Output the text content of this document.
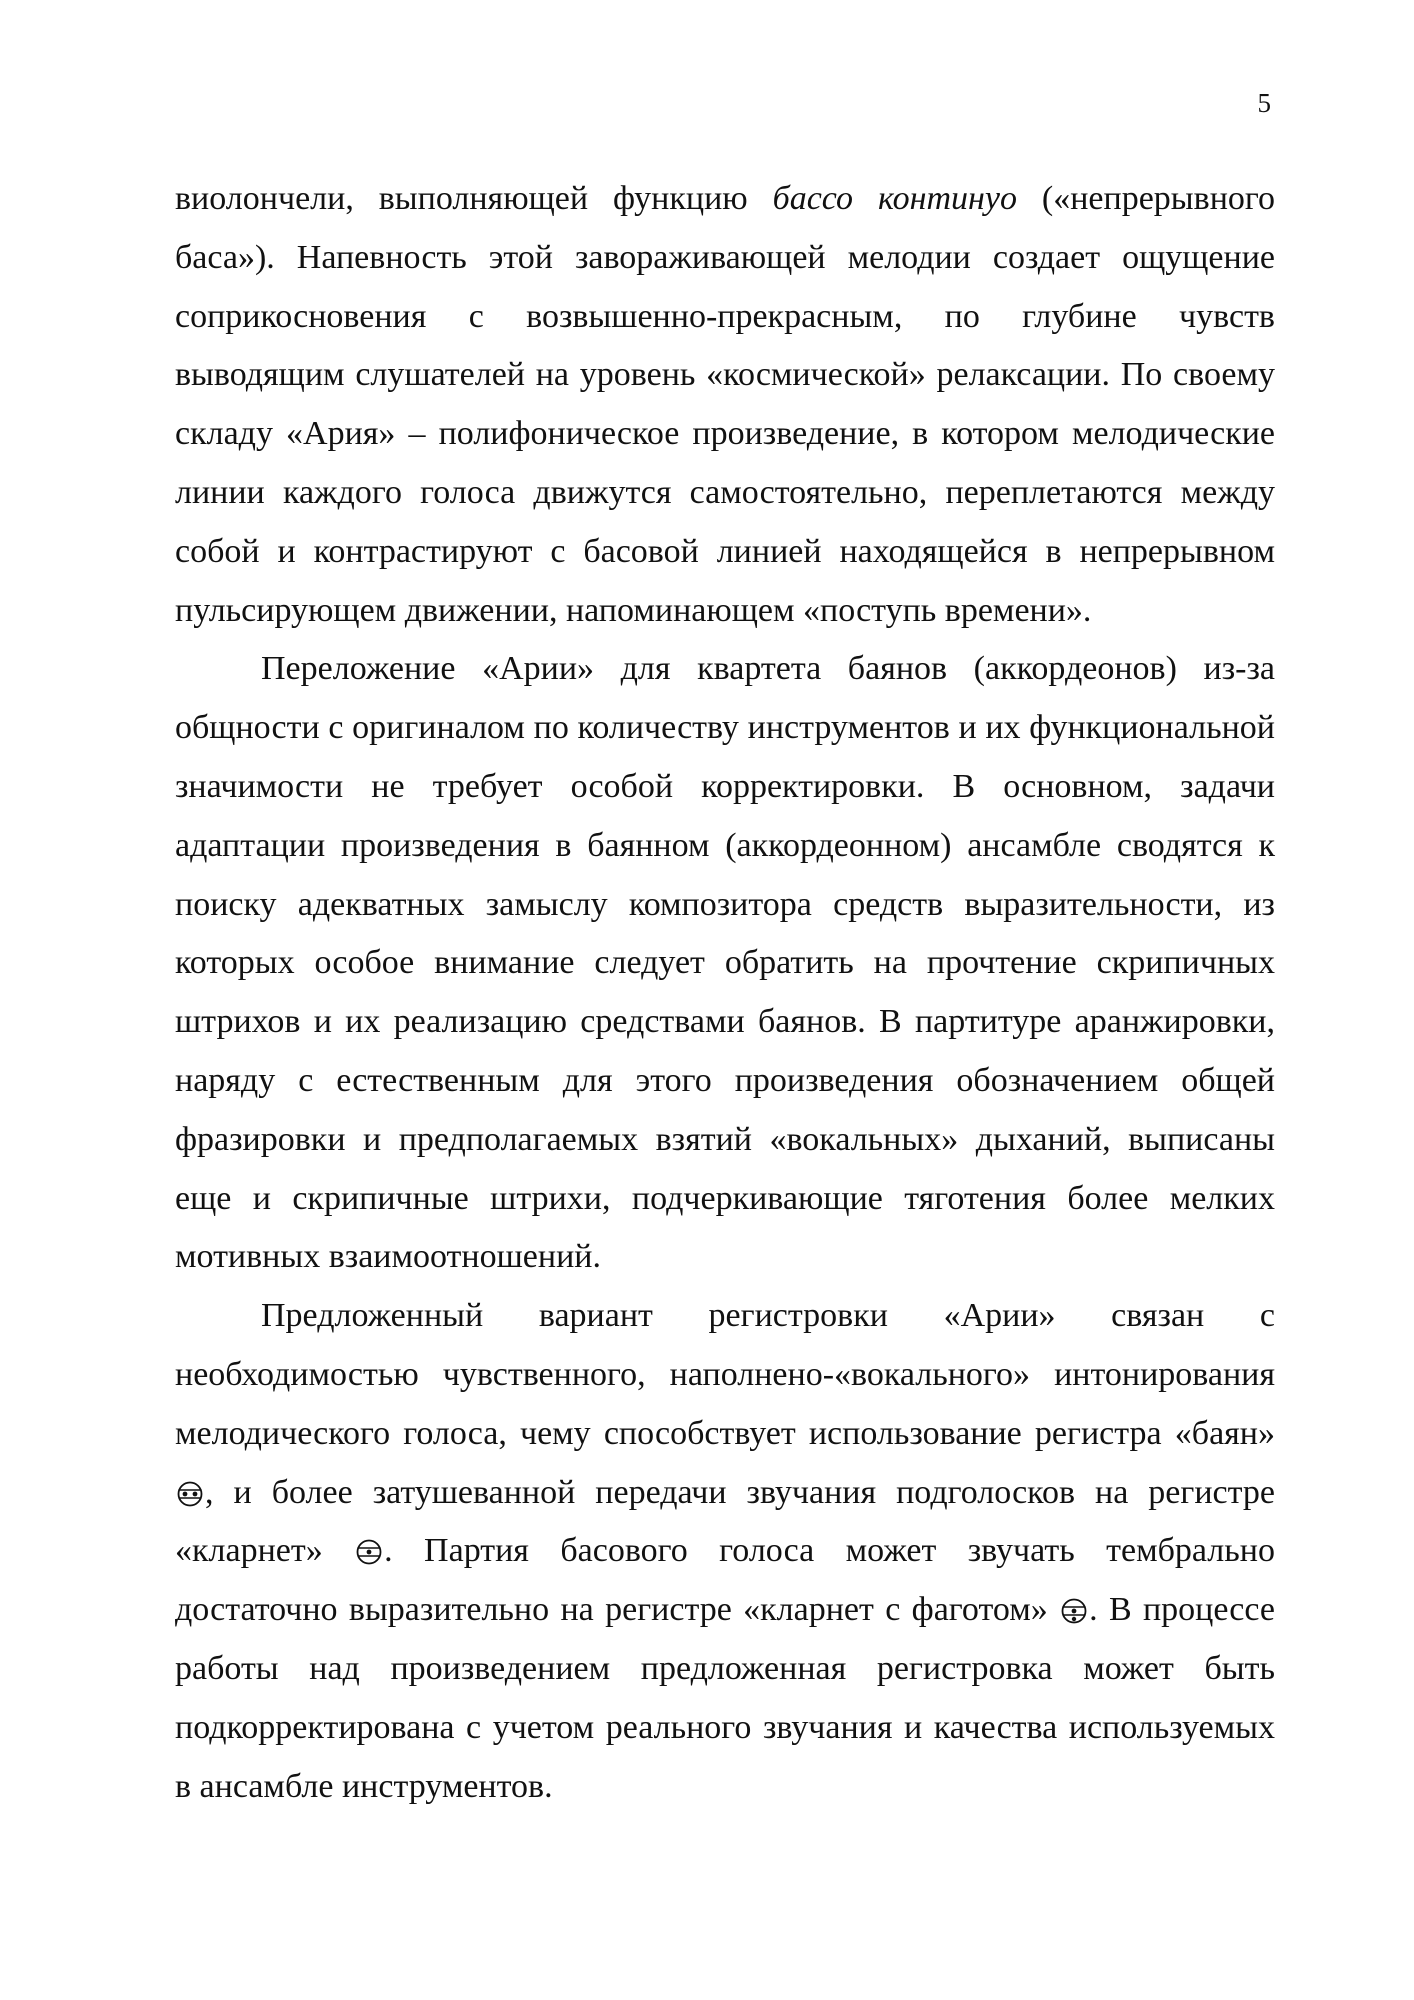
5

виолончели, выполняющей функцию бассо континуо («непрерывного баса»). Напевность этой завораживающей мелодии создает ощущение соприкосновения с возвышенно-прекрасным, по глубине чувств выводящим слушателей на уровень «космической» релаксации. По своему складу «Ария» – полифоническое произведение, в котором мелодические линии каждого голоса движутся самостоятельно, переплетаются между собой и контрастируют с басовой линией находящейся в непрерывном пульсирующем движении, напоминающем «поступь времени».

Переложение «Арии» для квартета баянов (аккордеонов) из-за общности с оригиналом по количеству инструментов и их функциональной значимости не требует особой корректировки. В основном, задачи адаптации произведения в баянном (аккордеонном) ансамбле сводятся к поиску адекватных замыслу композитора средств выразительности, из которых особое внимание следует обратить на прочтение скрипичных штрихов и их реализацию средствами баянов. В партитуре аранжировки, наряду с естественным для этого произведения обозначением общей фразировки и предполагаемых взятий «вокальных» дыханий, выписаны еще и скрипичные штрихи, подчеркивающие тяготения более мелких мотивных взаимоотношений.

Предложенный вариант регистровки «Арии» связан с необходимостью чувственного, наполнено-«вокального» интонирования мелодического голоса, чему способствует использование регистра «баян»
, и более затушеванной передачи звучания подголосков на регистре «кларнет»
. Партия басового голоса может звучать тембрально достаточно выразительно на регистре «кларнет с фаготом»
. В процессе работы над произведением предложенная регистровка может быть подкорректирована с учетом реального звучания и качества используемых в ансамбле инструментов.
